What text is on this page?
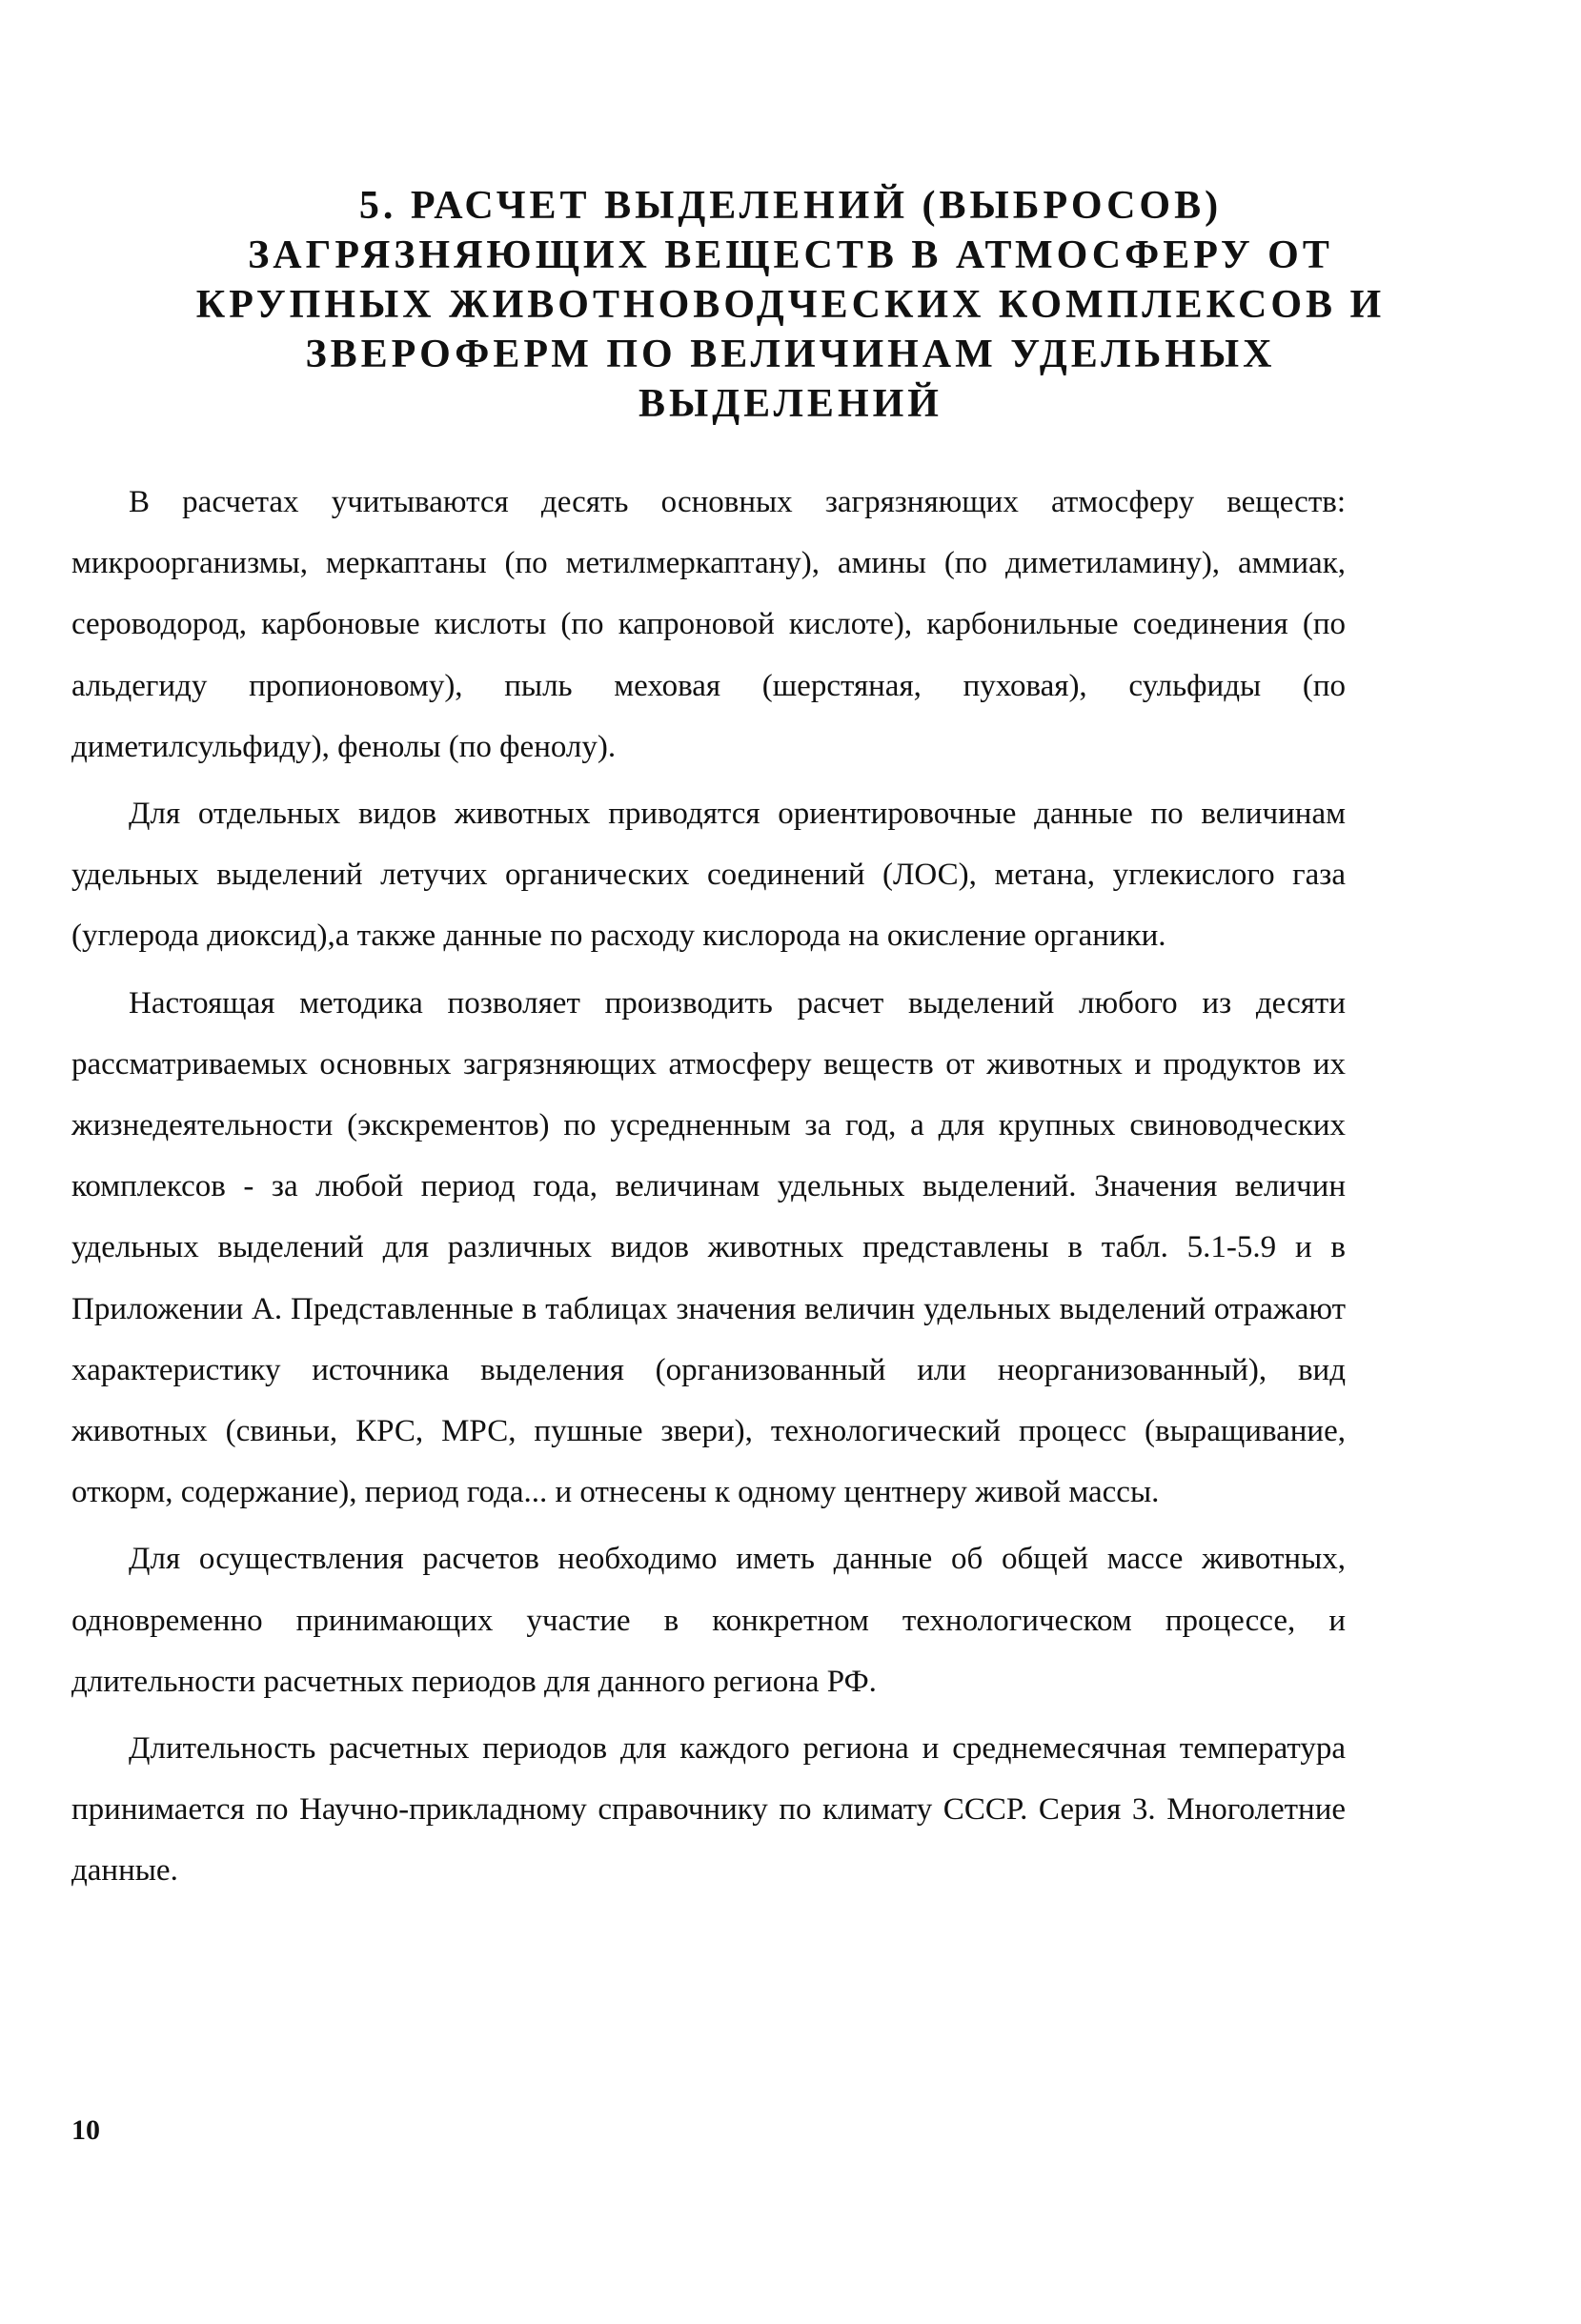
5. РАСЧЕТ ВЫДЕЛЕНИЙ (ВЫБРОСОВ)
ЗАГРЯЗНЯЮЩИХ ВЕЩЕСТВ В АТМОСФЕРУ ОТ
КРУПНЫХ ЖИВОТНОВОДЧЕСКИХ КОМПЛЕКСОВ И
ЗВЕРОФЕРМ ПО ВЕЛИЧИНАМ УДЕЛЬНЫХ
ВЫДЕЛЕНИЙ

В расчетах учитываются десять основных загрязняющих атмосферу веществ: микроорганизмы, меркаптаны (по метилмеркаптану), амины (по диметиламину), аммиак, сероводород, карбоновые кислоты (по капроновой кислоте), карбонильные соединения (по альдегиду пропионовому), пыль меховая (шерстяная, пуховая), сульфиды (по диметилсульфиду), фенолы (по фенолу).

Для отдельных видов животных приводятся ориентировочные данные по величинам удельных выделений летучих органических соединений (ЛОС), метана, углекислого газа (углерода диоксид),а также данные по расходу кислорода на окисление органики.

Настоящая методика позволяет производить расчет выделений любого из десяти рассматриваемых основных загрязняющих атмосферу веществ от животных и продуктов их жизнедеятельности (экскрементов) по усредненным за год, а для крупных свиноводческих комплексов - за любой период года, величинам удельных выделений. Значения величин удельных выделений для различных видов животных представлены в табл. 5.1-5.9 и в Приложении А. Представленные в таблицах значения величин удельных выделений отражают характеристику источника выделения (организованный или неорганизованный), вид животных (свиньи, КРС, МРС, пушные звери), технологический процесс (выращивание, откорм, содержание), период года... и отнесены к одному центнеру живой массы.

Для осуществления расчетов необходимо иметь данные об общей массе животных, одновременно принимающих участие в конкретном технологическом процессе, и длительности расчетных периодов для данного региона РФ.

Длительность расчетных периодов для каждого региона и среднемесячная температура принимается по Научно-прикладному справочнику по климату СССР. Серия 3. Многолетние данные.

10
